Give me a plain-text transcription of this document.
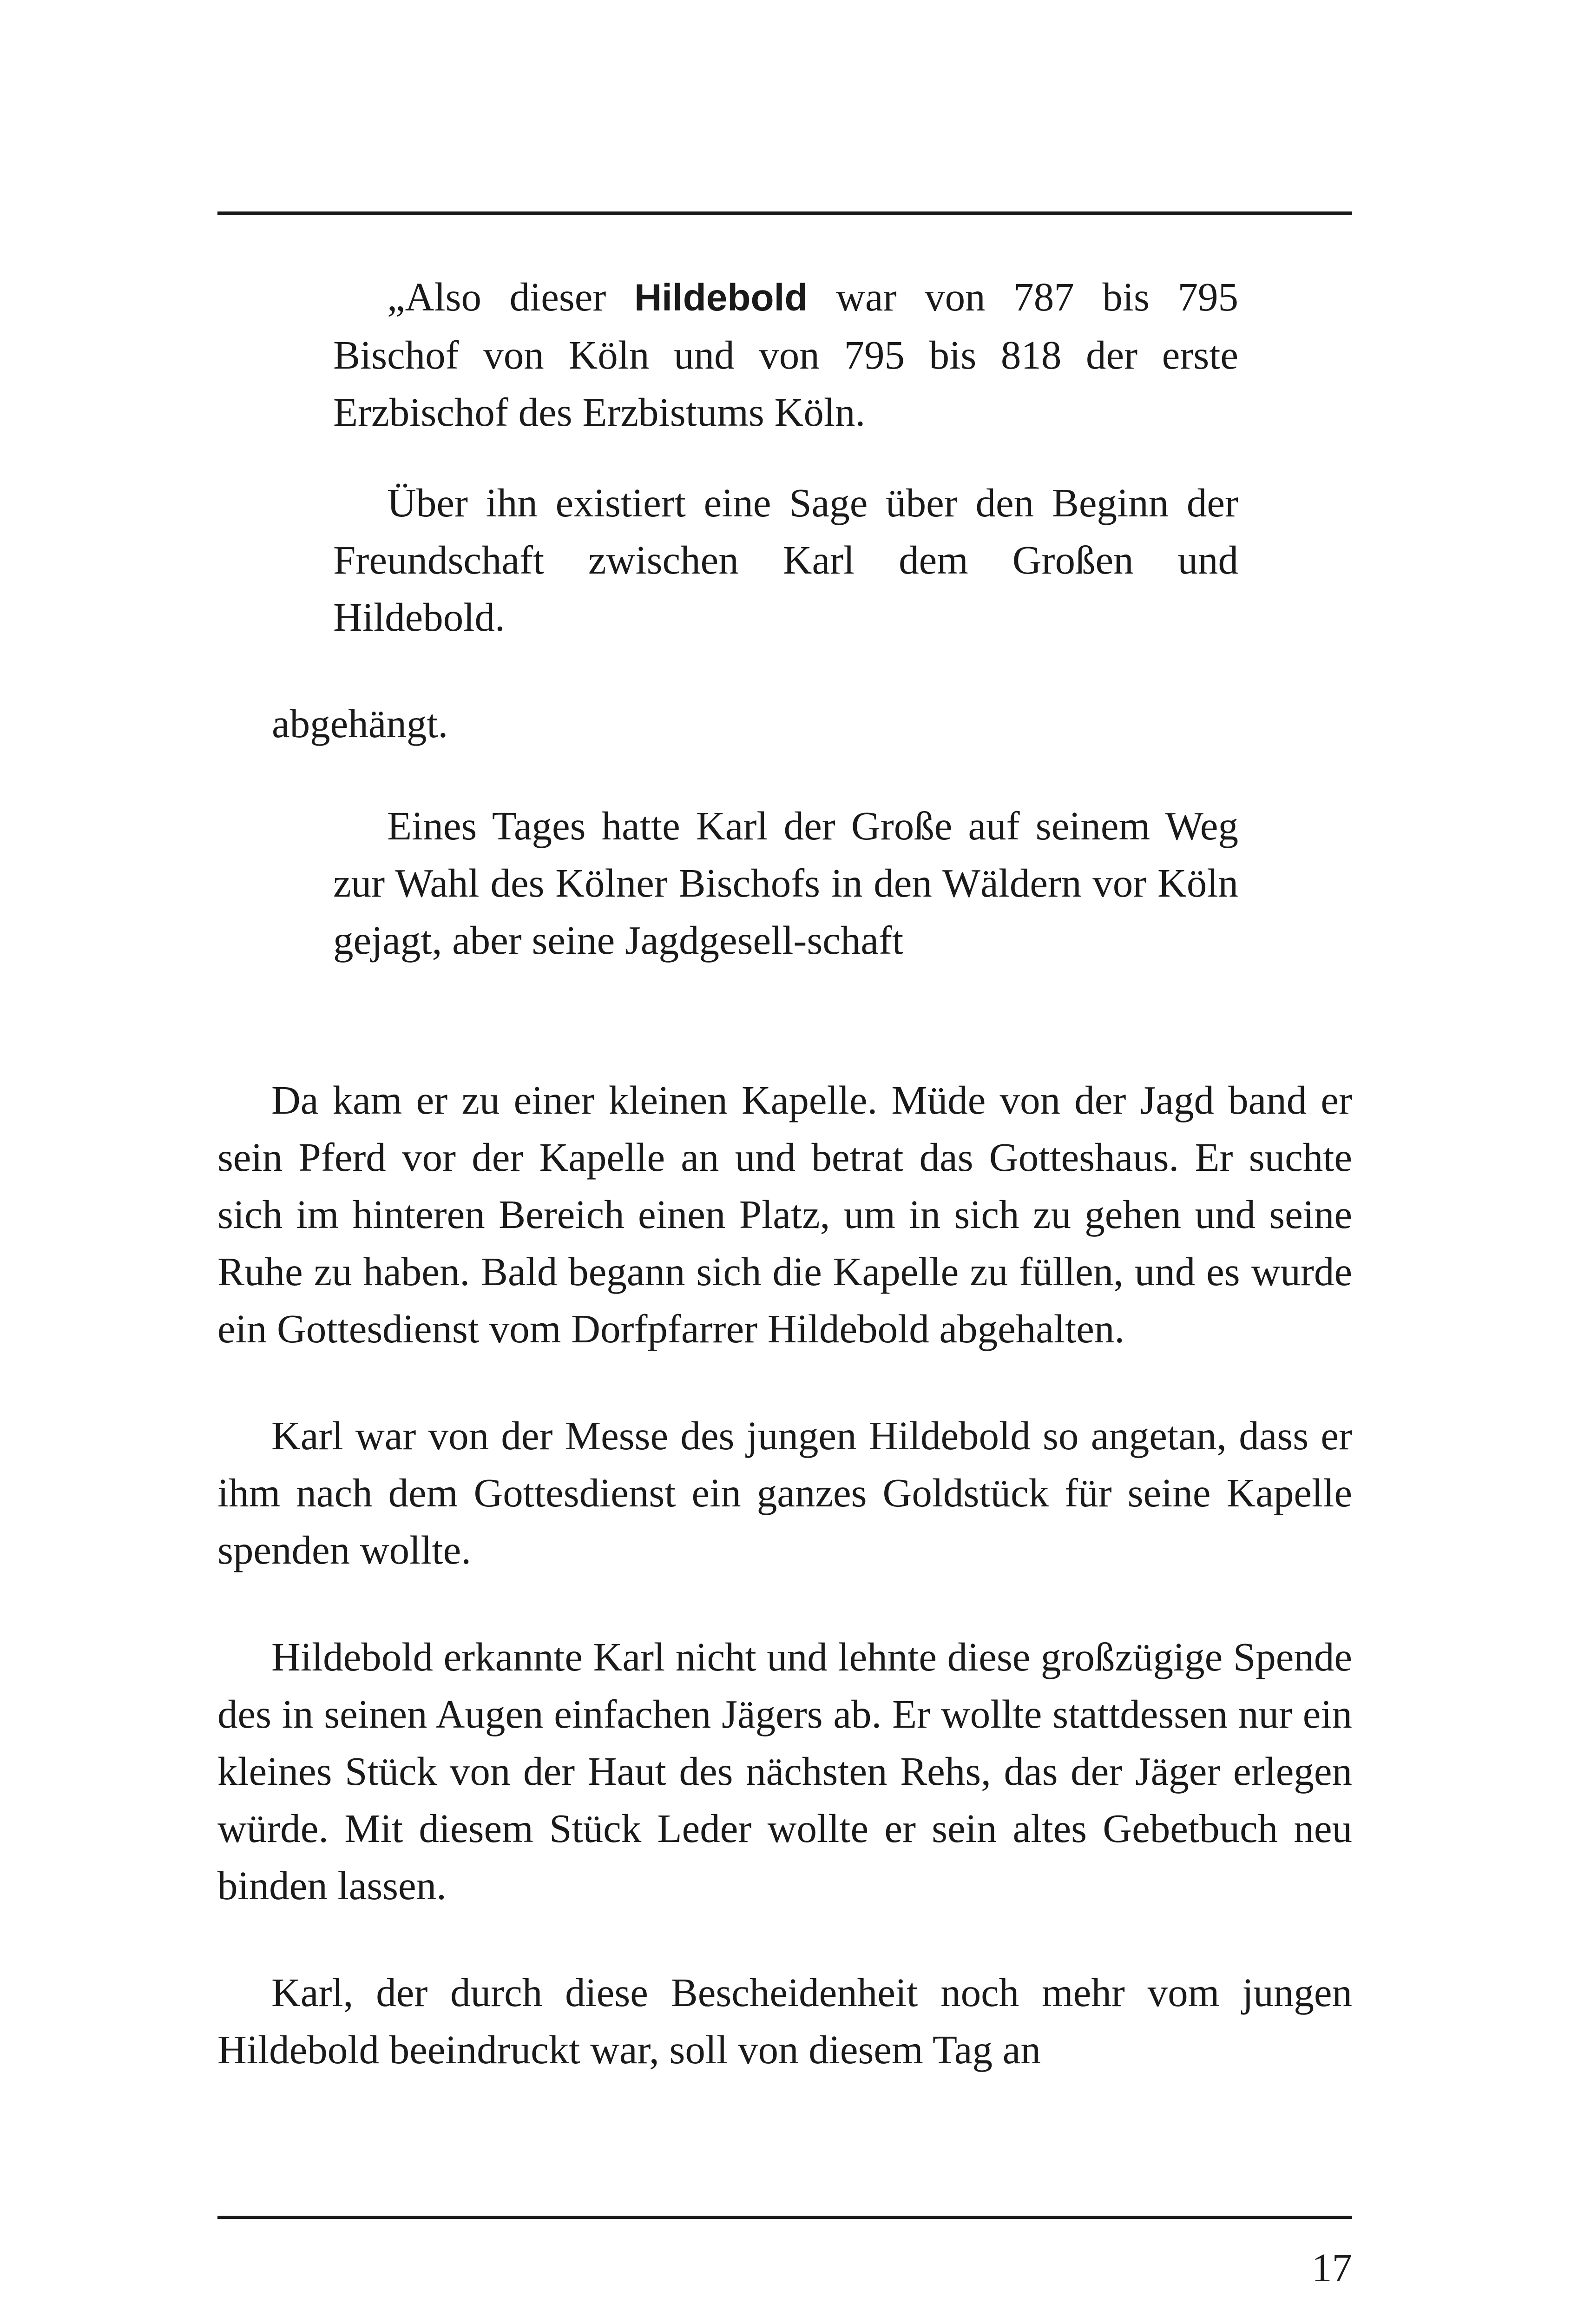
„Also dieser Hildebold war von 787 bis 795 Bischof von Köln und von 795 bis 818 der erste Erzbischof des Erzbistums Köln.

Über ihn existiert eine Sage über den Beginn der Freundschaft zwischen Karl dem Großen und Hildebold.

abgehängt.

Eines Tages hatte Karl der Große auf seinem Weg zur Wahl des Kölner Bischofs in den Wäldern vor Köln gejagt, aber seine Jagdgesell-schaft

Da kam er zu einer kleinen Kapelle. Müde von der Jagd band er sein Pferd vor der Kapelle an und betrat das Gotteshaus. Er suchte sich im hinteren Bereich einen Platz, um in sich zu gehen und seine Ruhe zu haben. Bald begann sich die Kapelle zu füllen, und es wurde ein Gottesdienst vom Dorfpfarrer Hildebold abgehalten.

Karl war von der Messe des jungen Hildebold so angetan, dass er ihm nach dem Gottesdienst ein ganzes Goldstück für seine Kapelle spenden wollte.

Hildebold erkannte Karl nicht und lehnte diese großzügige Spende des in seinen Augen einfachen Jägers ab. Er wollte stattdessen nur ein kleines Stück von der Haut des nächsten Rehs, das der Jäger erlegen würde. Mit diesem Stück Leder wollte er sein altes Gebetbuch neu binden lassen.

Karl, der durch diese Bescheidenheit noch mehr vom jungen Hildebold beeindruckt war, soll von diesem Tag an

17
